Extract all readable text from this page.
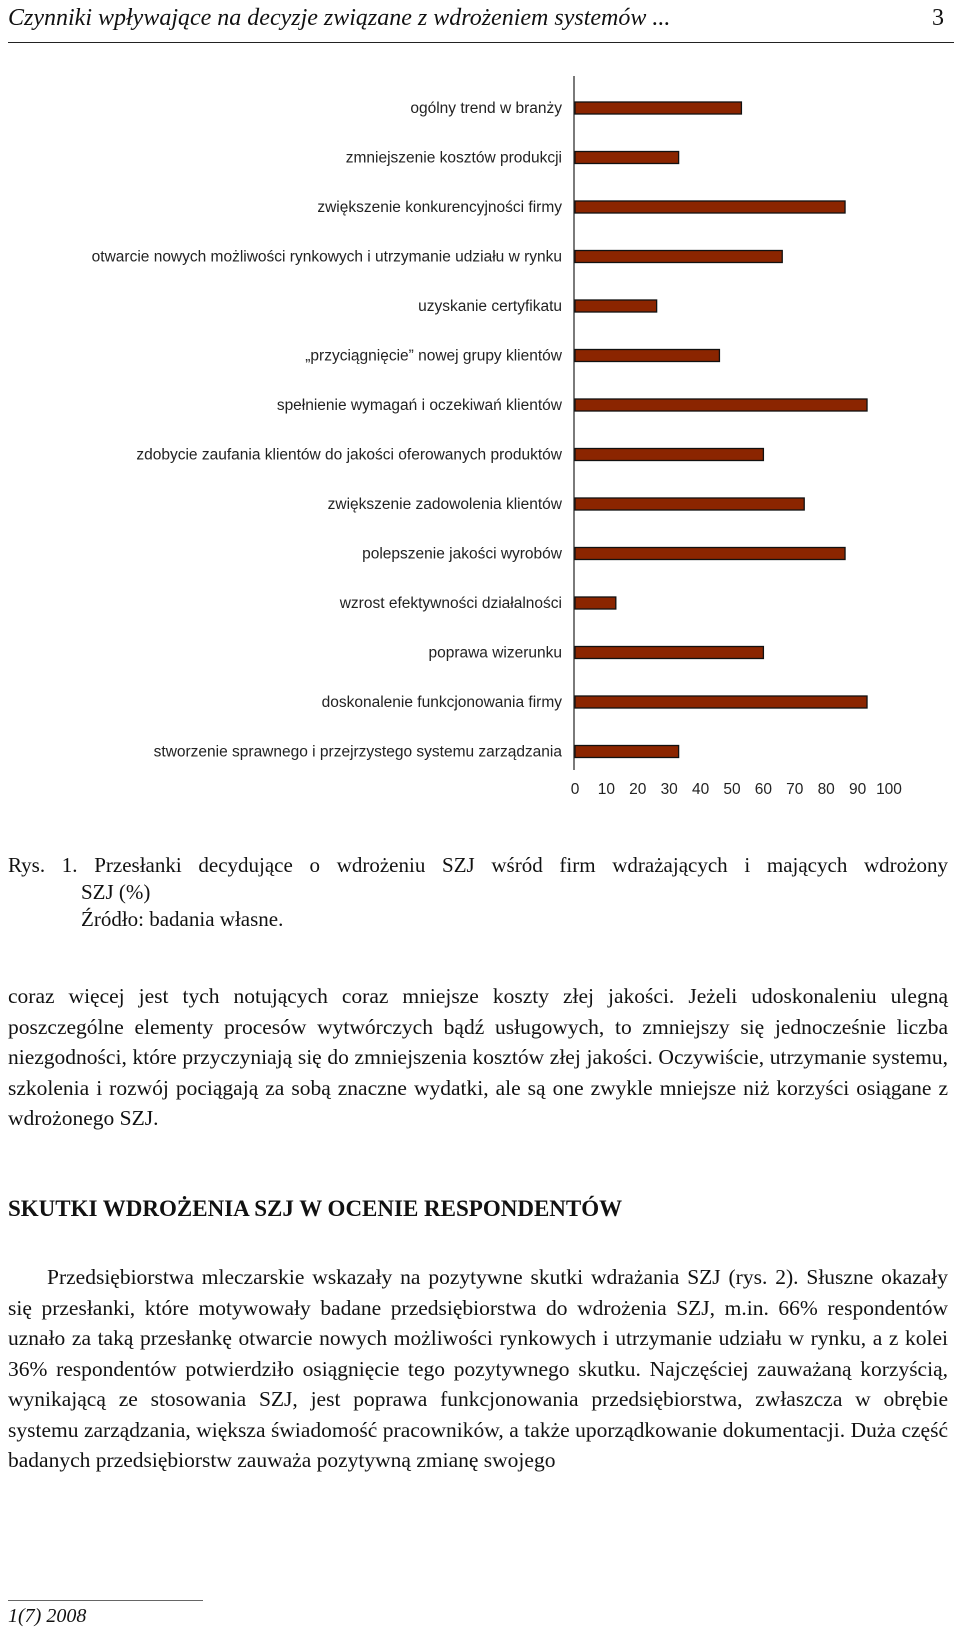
Czynniki wpływające na decyzje związane z wdrożeniem systemów ...	3
ogólny trend w branży
zmniejszenie kosztów produkcji
zwiększenie konkurencyjności firmy
otwarcie nowych możliwości rynkowych i utrzymanie udziału w rynku
uzyskanie certyfikatu
„przyciągnięcie” nowej grupy klientów
spełnienie wymagań i oczekiwań klientów
zdobycie zaufania klientów do jakości oferowanych produktów
zwiększenie zadowolenia klientów
polepszenie jakości wyrobów
wzrost efektywności działalności
poprawa wizerunku
doskonalenie funkcjonowania firmy
stworzenie sprawnego i przejrzystego systemu zarządzania
0 10 20 30 40 50 60 70 80 90 100
Rys. 1. Przesłanki decydujące o wdrożeniu SZJ wśród firm wdrażających i mających wdrożony
SZJ (%)
Źródło: badania własne.
coraz więcej jest tych notujących coraz mniejsze koszty złej jakości. Jeżeli udoskonaleniu ulegną poszczególne elementy procesów wytwórczych bądź usługowych, to zmniejszy się jednocześnie liczba niezgodności, które przyczyniają się do zmniejszenia kosztów złej jakości. Oczywiście, utrzymanie systemu, szkolenia i rozwój pociągają za sobą znaczne wydatki, ale są one zwykle mniejsze niż korzyści osiągane z wdrożonego SZJ.
SKUTKI WDROŻENIA SZJ W OCENIE RESPONDENTÓW
Przedsiębiorstwa mleczarskie wskazały na pozytywne skutki wdrażania SZJ (rys. 2). Słuszne okazały się przesłanki, które motywowały badane przedsiębiorstwa do wdrożenia SZJ, m.in. 66% respondentów uznało za taką przesłankę otwarcie nowych możliwości rynkowych i utrzymanie udziału w rynku, a z kolei 36% respondentów potwierdziło osiągnięcie tego pozytywnego skutku. Najczęściej zauważaną korzyścią, wynikającą ze stosowania SZJ, jest poprawa funkcjonowania przedsiębiorstwa, zwłaszcza w obrębie systemu zarządzania, większa świadomość pracowników, a także uporządkowanie dokumentacji. Duża część badanych przedsiębiorstw zauważa pozytywną zmianę swojego
1(7) 2008
